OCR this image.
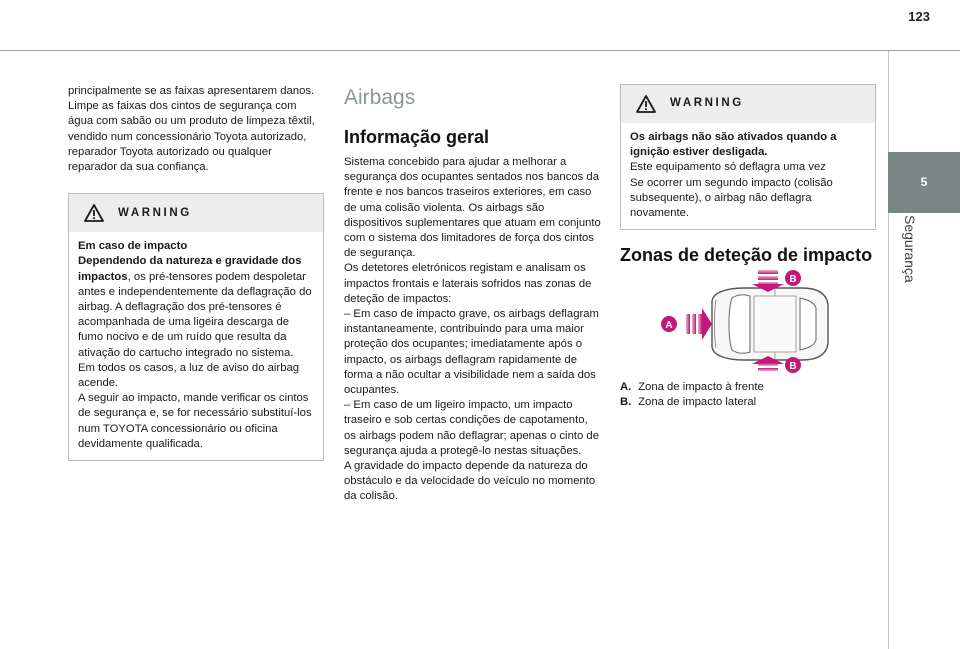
123
5
Segurança

principalmente se as faixas apresentarem danos.

Limpe as faixas dos cintos de segurança com água com sabão ou um produto de limpeza têxtil, vendido num concessionário Toyota autorizado, reparador Toyota autorizado ou qualquer reparador da sua confiança.

WARNING

Em caso de impacto

Dependendo da natureza e gravidade dos impactos, os pré-tensores podem despoletar antes e independentemente da deflagração do airbag. A deflagração dos pré-tensores é acompanhada de uma ligeira descarga de fumo nocivo e de um ruído que resulta da ativação do cartucho integrado no sistema.

Em todos os casos, a luz de aviso do airbag acende.

A seguir ao impacto, mande verificar os cintos de segurança e, se for necessário substituí-los num TOYOTA concessionário ou oficina devidamente qualificada.

Airbags
Informação geral

Sistema concebido para ajudar a melhorar a segurança dos ocupantes sentados nos bancos da frente e nos bancos traseiros exteriores, em caso de uma colisão violenta. Os airbags são dispositivos suplementares que atuam em conjunto com o sistema dos limitadores de força dos cintos de segurança.

Os detetores eletrónicos registam e analisam os impactos frontais e laterais sofridos nas zonas de deteção de impactos:

– Em caso de impacto grave, os airbags deflagram instantaneamente, contribuindo para uma maior proteção dos ocupantes; imediatamente após o impacto, os airbags deflagram rapidamente de forma a não ocultar a visibilidade nem a saída dos ocupantes.

– Em caso de um ligeiro impacto, um impacto traseiro e sob certas condições de capotamento, os airbags podem não deflagrar; apenas o cinto de segurança ajuda a protegê-lo nestas situações.

A gravidade do impacto depende da natureza do obstáculo e da velocidade do veículo no momento da colisão.

WARNING

Os airbags não são ativados quando a ignição estiver desligada.

Este equipamento só deflagra uma vez

Se ocorrer um segundo impacto (colisão subsequente), o airbag não deflagra novamente.

Zonas de deteção de impacto
A
B
B
A. Zona de impacto à frente
B. Zona de impacto lateral
